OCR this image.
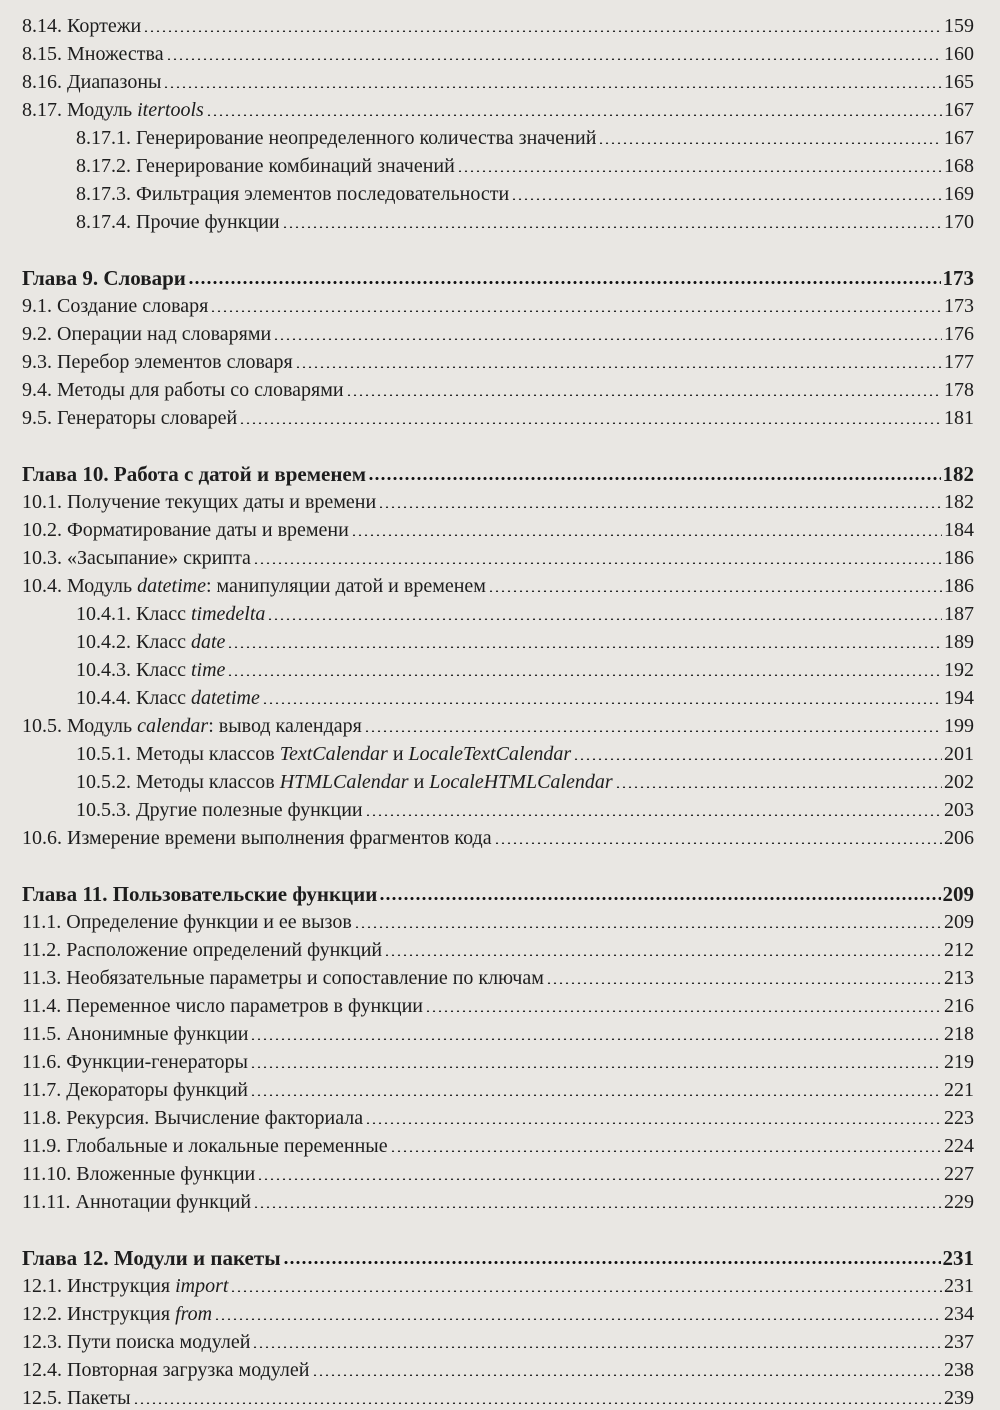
8.14. Кортежи	159
8.15. Множества	160
8.16. Диапазоны	165
8.17. Модуль itertools	167
8.17.1. Генерирование неопределенного количества значений	167
8.17.2. Генерирование комбинаций значений	168
8.17.3. Фильтрация элементов последовательности	169
8.17.4. Прочие функции	170
Глава 9. Словари	173
9.1. Создание словаря	173
9.2. Операции над словарями	176
9.3. Перебор элементов словаря	177
9.4. Методы для работы со словарями	178
9.5. Генераторы словарей	181
Глава 10. Работа с датой и временем	182
10.1. Получение текущих даты и времени	182
10.2. Форматирование даты и времени	184
10.3. «Засыпание» скрипта	186
10.4. Модуль datetime: манипуляции датой и временем	186
10.4.1. Класс timedelta	187
10.4.2. Класс date	189
10.4.3. Класс time	192
10.4.4. Класс datetime	194
10.5. Модуль calendar: вывод календаря	199
10.5.1. Методы классов TextCalendar и LocaleTextCalendar	201
10.5.2. Методы классов HTMLCalendar и LocaleHTMLCalendar	202
10.5.3. Другие полезные функции	203
10.6. Измерение времени выполнения фрагментов кода	206
Глава 11. Пользовательские функции	209
11.1. Определение функции и ее вызов	209
11.2. Расположение определений функций	212
11.3. Необязательные параметры и сопоставление по ключам	213
11.4. Переменное число параметров в функции	216
11.5. Анонимные функции	218
11.6. Функции-генераторы	219
11.7. Декораторы функций	221
11.8. Рекурсия. Вычисление факториала	223
11.9. Глобальные и локальные переменные	224
11.10. Вложенные функции	227
11.11. Аннотации функций	229
Глава 12. Модули и пакеты	231
12.1. Инструкция import	231
12.2. Инструкция from	234
12.3. Пути поиска модулей	237
12.4. Повторная загрузка модулей	238
12.5. Пакеты	239
